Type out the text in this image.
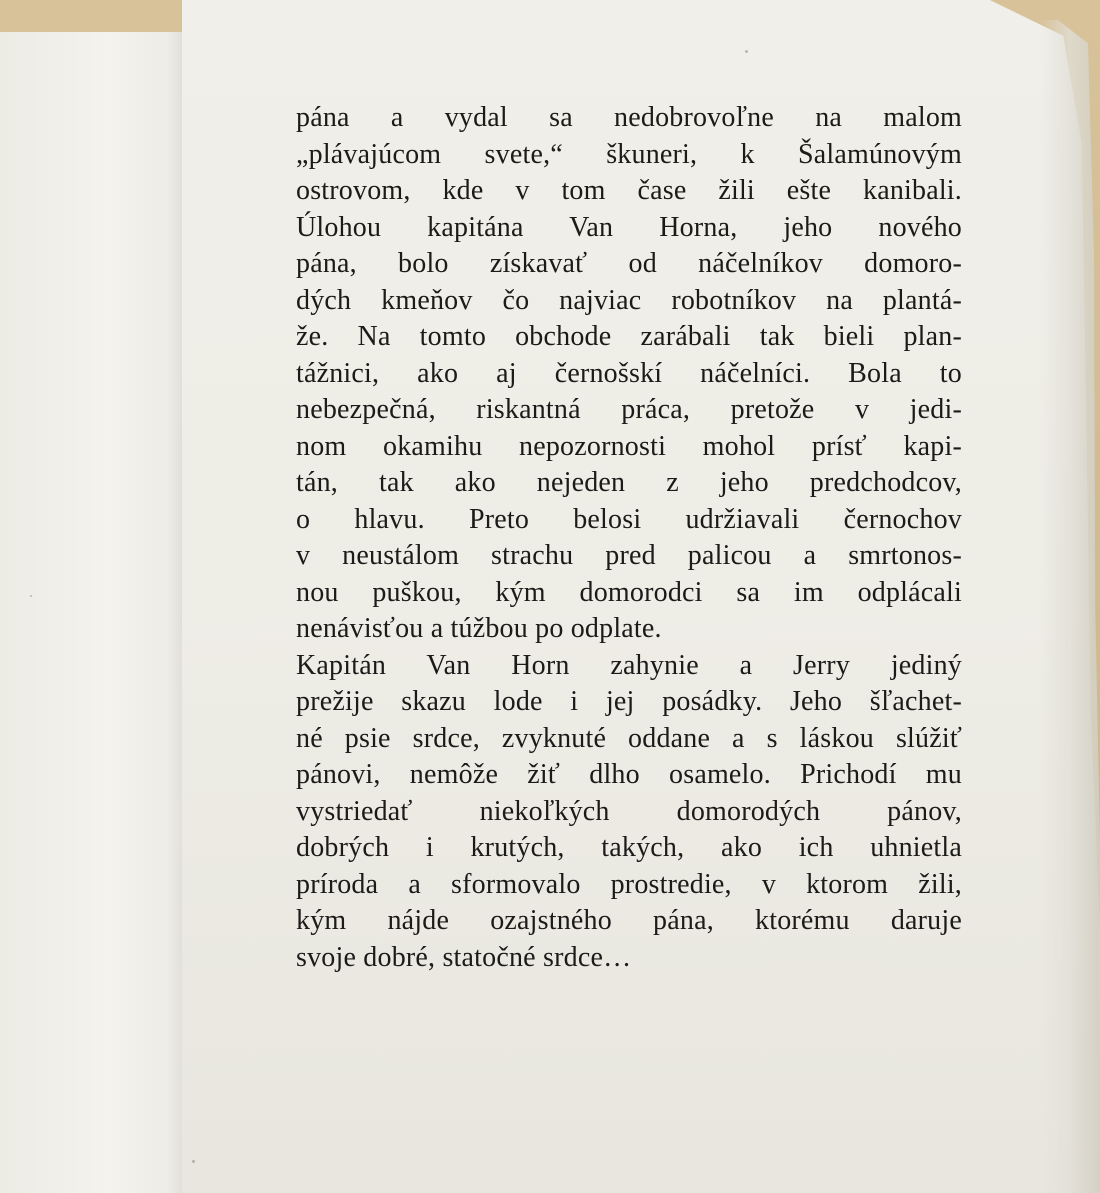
pána a vydal sa nedobrovoľne na malom
„plávajúcom svete,“ škuneri, k Šalamúnovým
ostrovom, kde v tom čase žili ešte kanibali.
Úlohou kapitána Van Horna, jeho nového
pána, bolo získavať od náčelníkov domoro-
dých kmeňov čo najviac robotníkov na plantá-
že. Na tomto obchode zarábali tak bieli plan-
tážnici, ako aj černošskí náčelníci. Bola to
nebezpečná, riskantná práca, pretože v jedi-
nom okamihu nepozornosti mohol prísť kapi-
tán, tak ako nejeden z jeho predchodcov,
o hlavu. Preto belosi udržiavali černochov
v neustálom strachu pred palicou a smrtonos-
nou puškou, kým domorodci sa im odplácali
nenávisťou a túžbou po odplate.
Kapitán Van Horn zahynie a Jerry jediný
prežije skazu lode i jej posádky. Jeho šľachet-
né psie srdce, zvyknuté oddane a s láskou slúžiť
pánovi, nemôže žiť dlho osamelo. Prichodí mu
vystriedať niekoľkých domorodých pánov,
dobrých i krutých, takých, ako ich uhnietla
príroda a sformovalo prostredie, v ktorom žili,
kým nájde ozajstného pána, ktorému daruje
svoje dobré, statočné srdce…
